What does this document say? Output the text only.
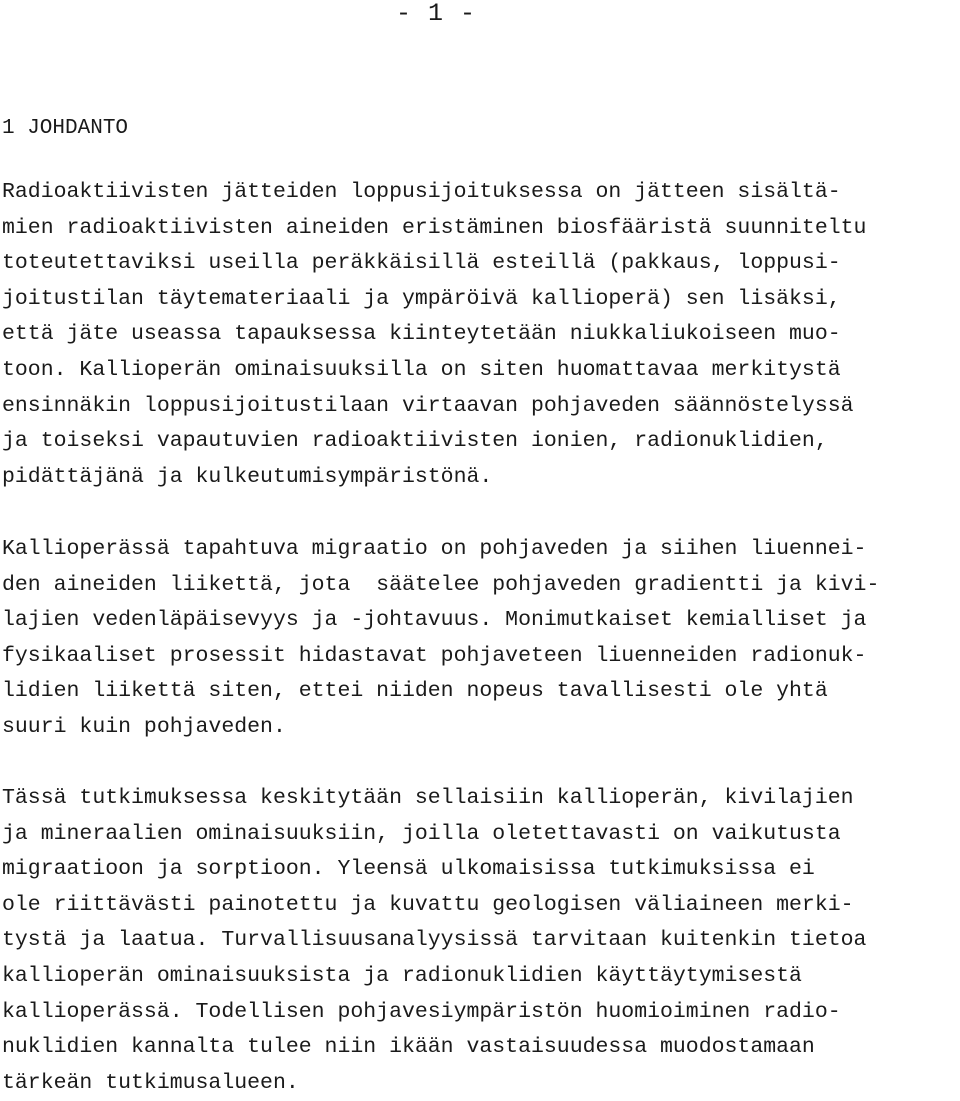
- 1 -
1 JOHDANTO
Radioaktiivisten jätteiden loppusijoituksessa on jätteen sisältä-
mien radioaktiivisten aineiden eristäminen biosfääristä suunniteltu
toteutettaviksi useilla peräkkäisillä esteillä (pakkaus, loppusi-
joitustilan täytemateriaali ja ympäröivä kallioperä) sen lisäksi,
että jäte useassa tapauksessa kiinteytetään niukkaliukoiseen muo-
toon. Kallioperän ominaisuuksilla on siten huomattavaa merkitystä
ensinnäkin loppusijoitustilaan virtaavan pohjaveden säännöstelyssä
ja toiseksi vapautuvien radioaktiivisten ionien, radionuklidien,
pidättäjänä ja kulkeutumisympäristönä.
Kallioperässä tapahtuva migraatio on pohjaveden ja siihen liuennei-
den aineiden liikettä, jota  säätelee pohjaveden gradientti ja kivi-
lajien vedenläpäisevyys ja -johtavuus. Monimutkaiset kemialliset ja
fysikaaliset prosessit hidastavat pohjaveteen liuenneiden radionuk-
lidien liikettä siten, ettei niiden nopeus tavallisesti ole yhtä
suuri kuin pohjaveden.
Tässä tutkimuksessa keskitytään sellaisiin kallioperän, kivilajien
ja mineraalien ominaisuuksiin, joilla oletettavasti on vaikutusta
migraatioon ja sorptioon. Yleensä ulkomaisissa tutkimuksissa ei
ole riittävästi painotettu ja kuvattu geologisen väliaineen merki-
tystä ja laatua. Turvallisuusanalyysissä tarvitaan kuitenkin tietoa
kallioperän ominaisuuksista ja radionuklidien käyttäytymisestä
kallioperässä. Todellisen pohjavesiympäristön huomioiminen radio-
nuklidien kannalta tulee niin ikään vastaisuudessa muodostamaan
tärkeän tutkimusalueen.
